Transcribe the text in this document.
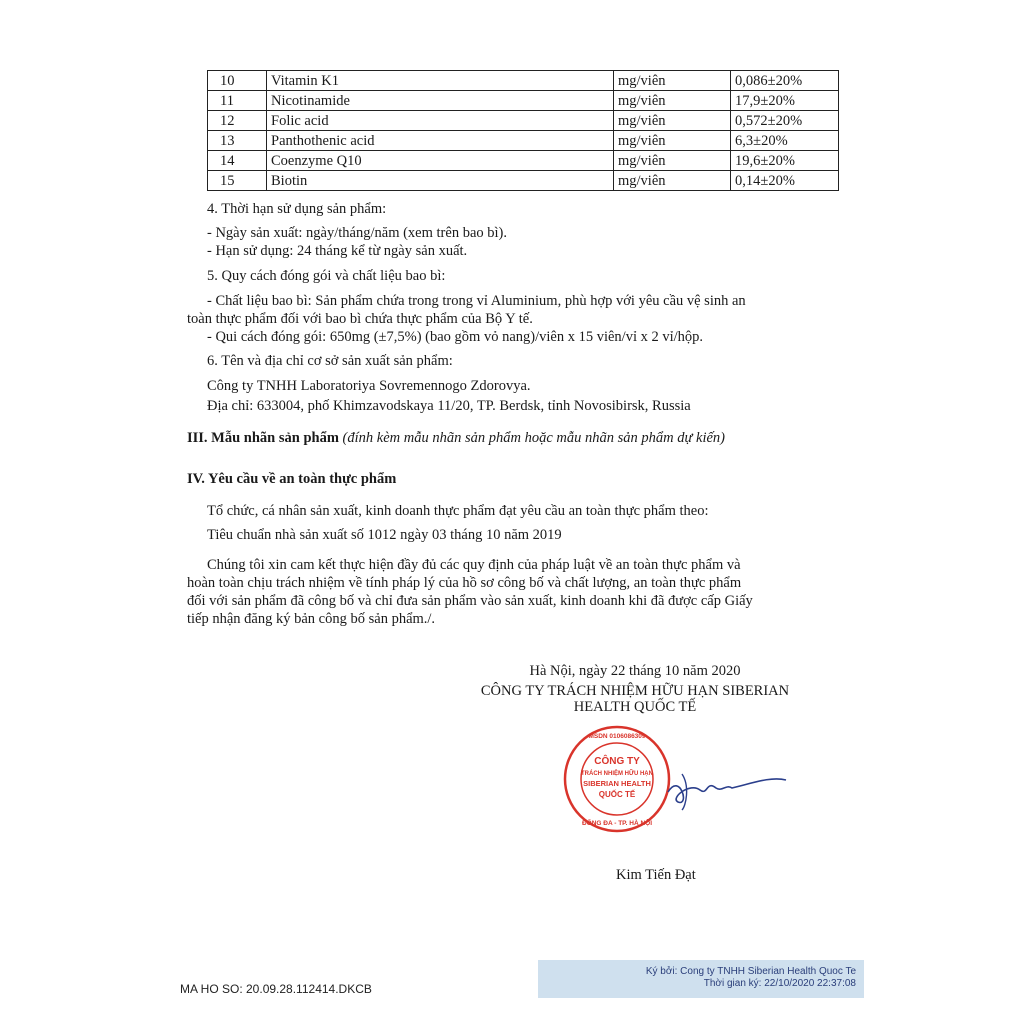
10	Vitamin K1	mg/viên	0,086±20%
11	Nicotinamide	mg/viên	17,9±20%
12	Folic acid	mg/viên	0,572±20%
13	Panthothenic acid	mg/viên	6,3±20%
14	Coenzyme Q10	mg/viên	19,6±20%
15	Biotin	mg/viên	0,14±20%
4. Thời hạn sử dụng sản phẩm:
- Ngày sản xuất: ngày/tháng/năm (xem trên bao bì).
- Hạn sử dụng: 24 tháng kể từ ngày sản xuất.
5. Quy cách đóng gói và chất liệu bao bì:
- Chất liệu bao bì: Sản phẩm chứa trong trong vỉ Aluminium, phù hợp với yêu cầu vệ sinh an
toàn thực phẩm đối với bao bì chứa thực phẩm của Bộ Y tế.
- Qui cách đóng gói: 650mg (±7,5%) (bao gồm vỏ nang)/viên x 15 viên/vỉ x 2 vỉ/hộp.
6. Tên và địa chỉ cơ sở sản xuất sản phẩm:
Công ty TNHH Laboratoriya Sovremennogo Zdorovya.
Địa chỉ: 633004, phố Khimzavodskaya 11/20, TP. Berdsk, tỉnh Novosibirsk, Russia
III. Mẫu nhãn sản phẩm (đính kèm mẫu nhãn sản phẩm hoặc mẫu nhãn sản phẩm dự kiến)
IV. Yêu cầu về an toàn thực phẩm
Tổ chức, cá nhân sản xuất, kinh doanh thực phẩm đạt yêu cầu an toàn thực phẩm theo:
Tiêu chuẩn nhà sản xuất số 1012 ngày 03 tháng 10 năm 2019
Chúng tôi xin cam kết thực hiện đầy đủ các quy định của pháp luật về an toàn thực phẩm và
hoàn toàn chịu trách nhiệm về tính pháp lý của hồ sơ công bố và chất lượng, an toàn thực phẩm
đối với sản phẩm đã công bố và chỉ đưa sản phẩm vào sản xuất, kinh doanh khi đã được cấp Giấy
tiếp nhận đăng ký bản công bố sản phẩm./.
Hà Nội, ngày 22 tháng 10 năm 2020
CÔNG TY TRÁCH NHIỆM HỮU HẠN SIBERIAN
HEALTH QUỐC TẾ
CÔNG TY
TRÁCH NHIỆM HỮU HẠN
SIBERIAN HEALTH
QUỐC TẾ
MSDN 0106086309
ĐỐNG ĐA - TP. HÀ NỘI
Kim Tiến Đạt
MA HO SO: 20.09.28.112414.DKCB
Ký bởi: Cong ty TNHH Siberian Health Quoc Te
Thời gian ký: 22/10/2020 22:37:08
